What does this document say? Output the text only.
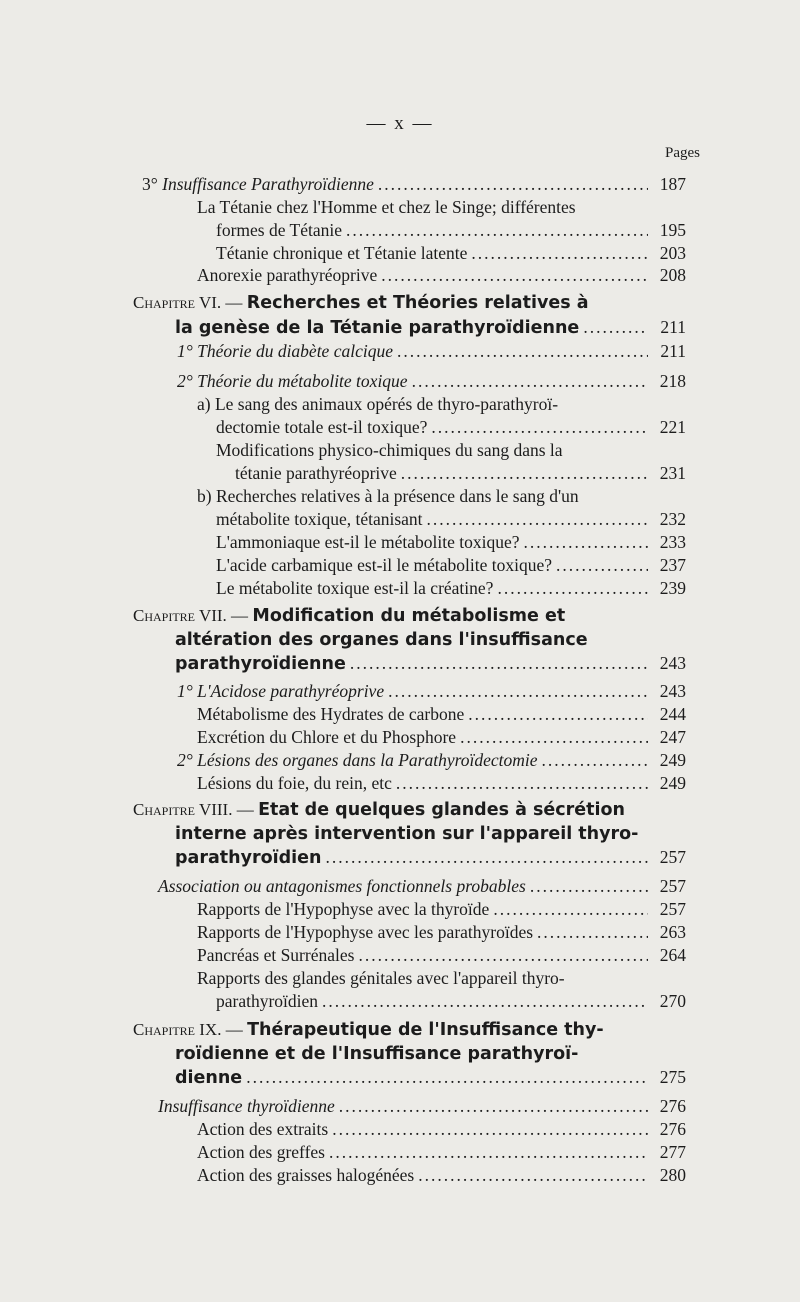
— x —
Pages
3° Insuffisance Parathyroïdienne .....	187
La Tétanie chez l'Homme et chez le Singe; différentes
formes de Tétanie .....	195
Tétanie chronique et Tétanie latente .....	203
Anorexie parathyréoprive .....	208
Chapitre VI. — Recherches et Théories relatives à
la genèse de la Tétanie parathyroïdienne .....	211
1° Théorie du diabète calcique .....	211
2° Théorie du métabolite toxique .....	218
a) Le sang des animaux opérés de thyro-parathyroï-
dectomie totale est-il toxique? .....	221
Modifications physico-chimiques du sang dans la
tétanie parathyréoprive .....	231
b) Recherches relatives à la présence dans le sang d'un
métabolite toxique, tétanisant .....	232
L'ammoniaque est-il le métabolite toxique? .....	233
L'acide carbamique est-il le métabolite toxique? .....	237
Le métabolite toxique est-il la créatine? .....	239
Chapitre VII. — Modification du métabolisme et
altération des organes dans l'insuffisance
parathyroïdienne .....	243
1° L'Acidose parathyréoprive .....	243
Métabolisme des Hydrates de carbone .....	244
Excrétion du Chlore et du Phosphore .....	247
2° Lésions des organes dans la Parathyroïdectomie .....	249
Lésions du foie, du rein, etc .....	249
Chapitre VIII. — Etat de quelques glandes à sécrétion
interne après intervention sur l'appareil thyro-
parathyroïdien .....	257
Association ou antagonismes fonctionnels probables .....	257
Rapports de l'Hypophyse avec la thyroïde .....	257
Rapports de l'Hypophyse avec les parathyroïdes .....	263
Pancréas et Surrénales .....	264
Rapports des glandes génitales avec l'appareil thyro-
parathyroïdien .....	270
Chapitre IX. — Thérapeutique de l'Insuffisance thy-
roïdienne et de l'Insuffisance parathyroï-
dienne .....	275
Insuffisance thyroïdienne .....	276
Action des extraits .....	276
Action des greffes .....	277
Action des graisses halogénées .....	280
